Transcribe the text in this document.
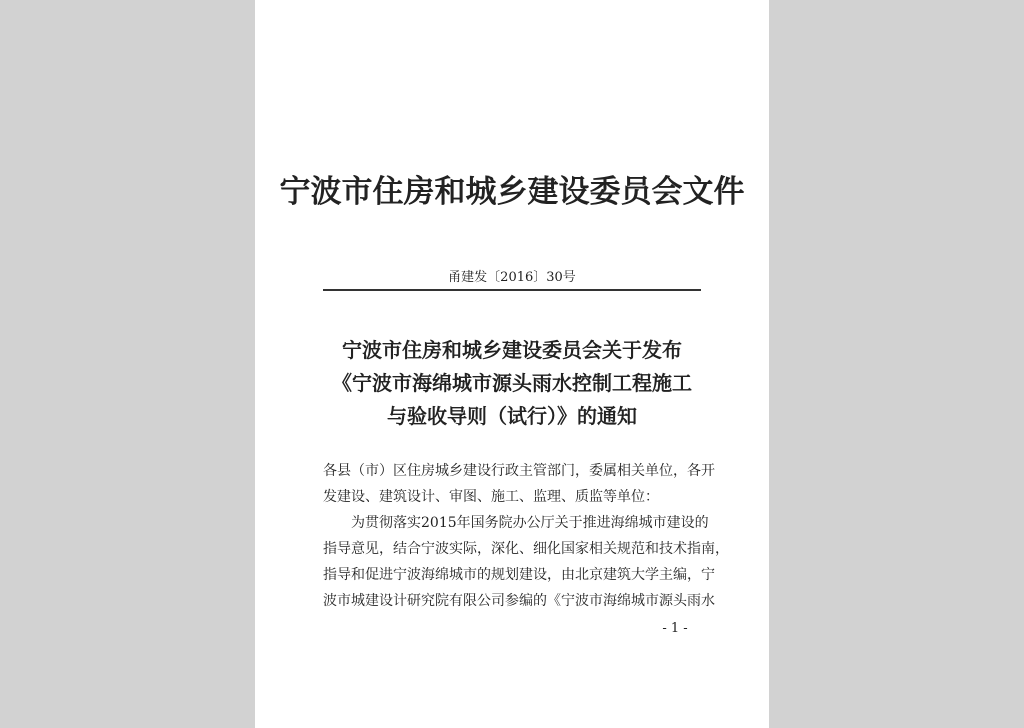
宁波市住房和城乡建设委员会文件
甬建发〔2016〕30号
宁波市住房和城乡建设委员会关于发布
《宁波市海绵城市源头雨水控制工程施工
与验收导则（试行）》的通知
各县（市）区住房城乡建设行政主管部门，委属相关单位，各开
发建设、建筑设计、审图、施工、监理、质监等单位：
为贯彻落实2015年国务院办公厅关于推进海绵城市建设的
指导意见，结合宁波实际，深化、细化国家相关规范和技术指南，
指导和促进宁波海绵城市的规划建设，由北京建筑大学主编，宁
波市城建设计研究院有限公司参编的《宁波市海绵城市源头雨水
- 1 -
